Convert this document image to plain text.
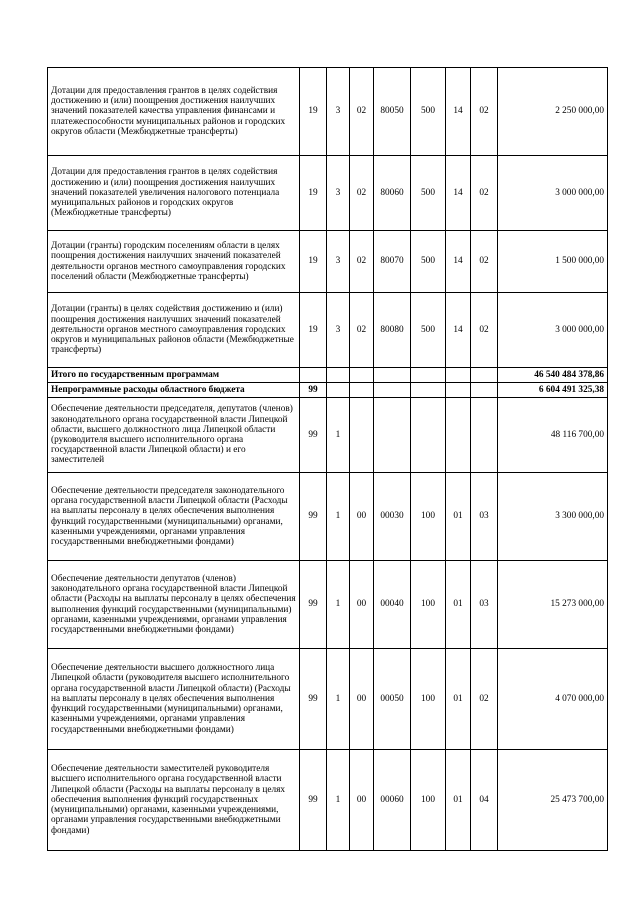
Дотации для предоставления грантов в целях содействия достижению и (или) поощрения достижения наилучших значений показателей качества управления финансами и платежеспособности муниципальных районов и городских округов области (Межбюджетные трансферты)	19	3	02	80050	500	14	02	2 250 000,00
Дотации для предоставления грантов в целях содействия достижению и (или) поощрения достижения наилучших значений показателей увеличения налогового потенциала муниципальных районов и городских округов (Межбюджетные трансферты)	19	3	02	80060	500	14	02	3 000 000,00
Дотации (гранты) городским поселениям области в целях поощрения достижения наилучших значений показателей деятельности органов местного самоуправления городских поселений области (Межбюджетные трансферты)	19	3	02	80070	500	14	02	1 500 000,00
Дотации (гранты) в целях содействия достижению и (или) поощрения достижения наилучших значений показателей деятельности органов местного самоуправления городских округов и муниципальных районов области (Межбюджетные трансферты)	19	3	02	80080	500	14	02	3 000 000,00
Итого по государственным программам								46 540 484 378,86
Непрограммные расходы областного бюджета	99							6 604 491 325,38
Обеспечение деятельности председателя, депутатов (членов) законодательного органа государственной власти Липецкой области, высшего должностного лица Липецкой области (руководителя высшего исполнительного органа государственной власти Липецкой области) и его заместителей	99	1						48 116 700,00
Обеспечение деятельности председателя законодательного органа государственной власти Липецкой области (Расходы на выплаты персоналу в целях обеспечения выполнения функций государственными (муниципальными) органами, казенными учреждениями, органами управления государственными внебюджетными фондами)	99	1	00	00030	100	01	03	3 300 000,00
Обеспечение деятельности депутатов (членов) законодательного органа государственной власти Липецкой области (Расходы на выплаты персоналу в целях обеспечения выполнения функций государственными (муниципальными) органами, казенными учреждениями, органами управления государственными внебюджетными фондами)	99	1	00	00040	100	01	03	15 273 000,00
Обеспечение деятельности высшего должностного лица Липецкой области (руководителя высшего исполнительного органа государственной власти Липецкой области) (Расходы на выплаты персоналу в целях обеспечения выполнения функций государственными (муниципальными) органами, казенными учреждениями, органами управления государственными внебюджетными фондами)	99	1	00	00050	100	01	02	4 070 000,00
Обеспечение деятельности заместителей руководителя высшего исполнительного органа государственной власти Липецкой области (Расходы на выплаты персоналу в целях обеспечения выполнения функций государственных (муниципальными) органами, казенными учреждениями, органами управления государственными внебюджетными фондами)	99	1	00	00060	100	01	04	25 473 700,00
